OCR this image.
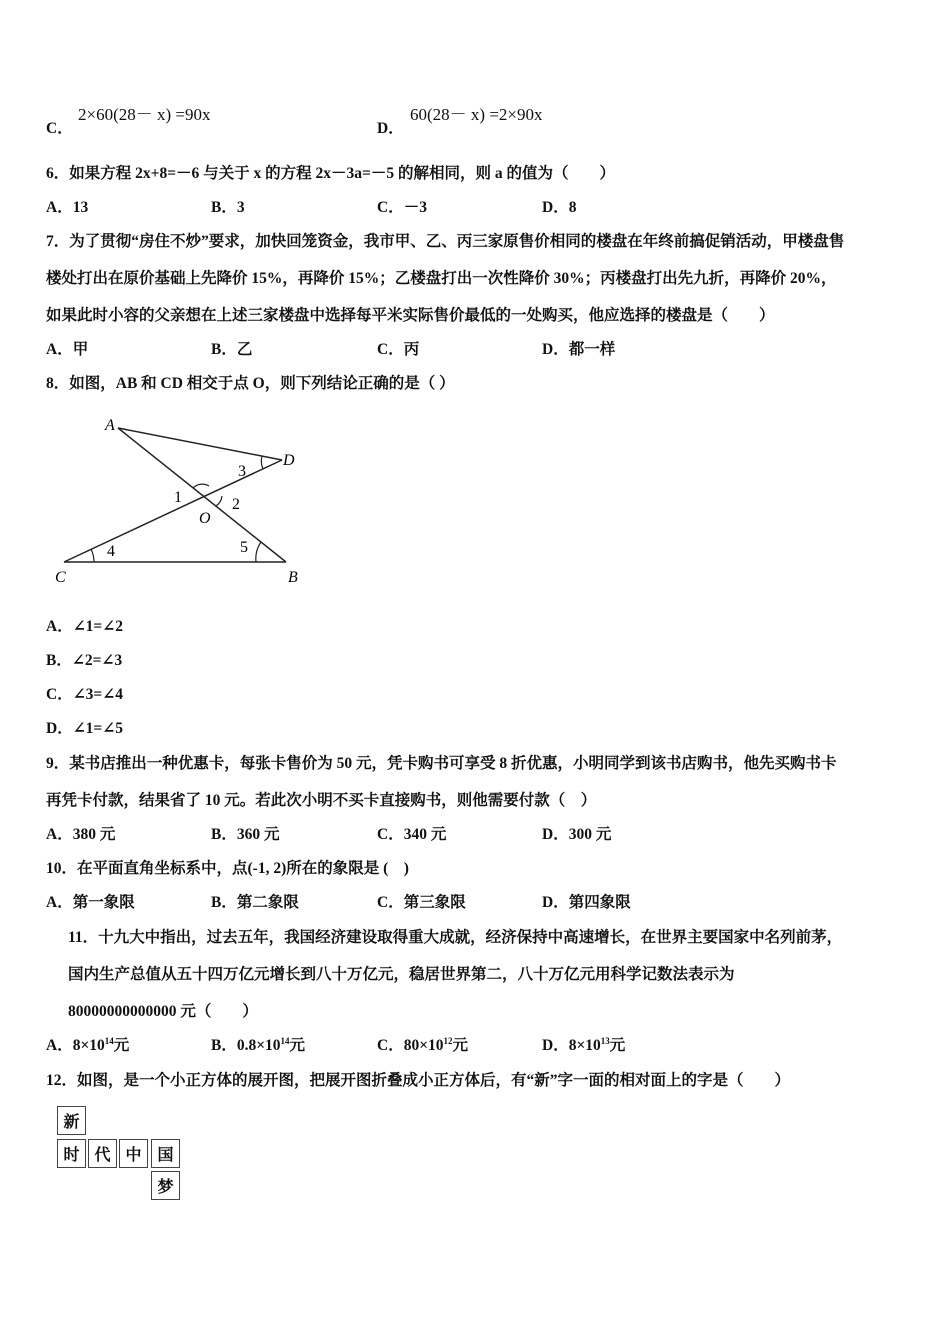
C．
2×60(28－ x) =90x
D．
60(28－ x) =2×90x
6．如果方程 2x+8=－6 与关于 x 的方程 2x－3a=－5 的解相同，则 a 的值为（　　）
A．13	B．3	C．－3	D．8
7．为了贯彻“房住不炒”要求，加快回笼资金，我市甲、乙、丙三家原售价相同的楼盘在年终前搞促销活动，甲楼盘售
楼处打出在原价基础上先降价 15%，再降价 15%；乙楼盘打出一次性降价 30%；丙楼盘打出先九折，再降价 20%，
如果此时小容的父亲想在上述三家楼盘中选择每平米实际售价最低的一处购买，他应选择的楼盘是（　　）
A．甲	B．乙	C．丙	D．都一样
8．如图，AB 和 CD 相交于点 O，则下列结论正确的是（ ）
A
D
O
C	B
1	2
3
4	5
A．∠1=∠2
B．∠2=∠3
C．∠3=∠4
D．∠1=∠5
9．某书店推出一种优惠卡，每张卡售价为 50 元，凭卡购书可享受 8 折优惠，小明同学到该书店购书，他先买购书卡
再凭卡付款，结果省了 10 元。若此次小明不买卡直接购书，则他需要付款（　）
A．380 元	B．360 元	C．340 元	D．300 元
10．在平面直角坐标系中，点(-1, 2)所在的象限是 (　)
A．第一象限	B．第二象限	C．第三象限	D．第四象限
11．十九大中指出，过去五年，我国经济建设取得重大成就，经济保持中高速增长，在世界主要国家中名列前茅，
国内生产总值从五十四万亿元增长到八十万亿元，稳居世界第二，八十万亿元用科学记数法表示为
80000000000000 元（　　）
A．$8\times 10^{14}$元	B．$0.8\times 10^{14}$元	C．$80\times 10^{12}$元	D．$8\times 10^{13}$元
12．如图，是一个小正方体的展开图，把展开图折叠成小正方体后，有“新”字一面的相对面上的字是（　　）
新
时 代 中 国
梦
